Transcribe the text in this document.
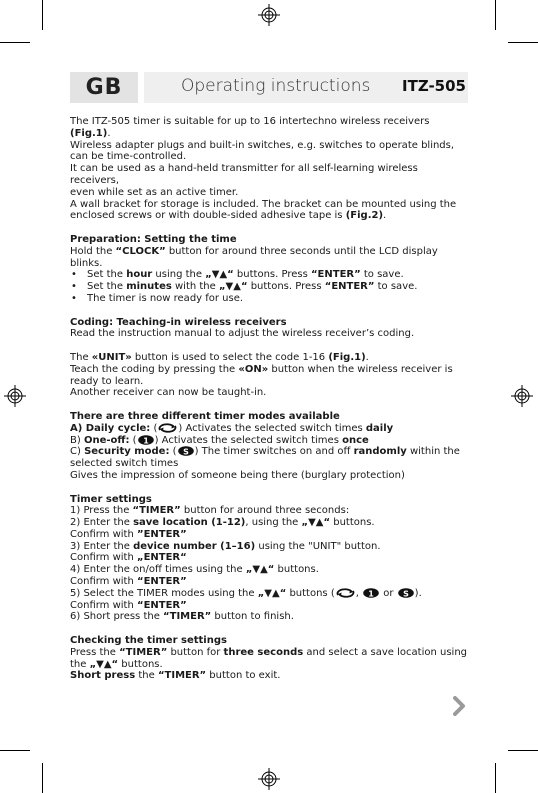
GB	Operating instructions ITZ-505

The ITZ-505 timer is suitable for up to 16 intertechno wireless receivers (Fig.1).

Wireless adapter plugs and built-in switches, e.g. switches to operate blinds,

can be time-controlled.

It can be used as a hand-held transmitter for all self-learning wireless receivers,

even while set as an active timer.

A wall bracket for storage is included. The bracket can be mounted using the

enclosed screws or with double-sided adhesive tape is (Fig.2).

Preparation: Setting the time

Hold the “CLOCK” button for around three seconds until the LCD display blinks.

• Set the hour using the „▼▲“ buttons. Press “ENTER” to save.

• Set the minutes with the „▼▲“ buttons. Press “ENTER” to save.

• The timer is now ready for use.

Coding: Teaching-in wireless receivers

Read the instruction manual to adjust the wireless receiver’s coding.

The «UNIT» button is used to select the code 1-16 (Fig.1).

Teach the coding by pressing the «ON» button when the wireless receiver is

ready to learn.

Another receiver can now be taught-in.

There are three different timer modes available

A) Daily cycle: ( ) Activates the selected switch times daily

B) One-off: ( 1 ) Activates the selected switch times once

C) Security mode: ( S ) The timer switches on and off randomly within the

selected switch times

Gives the impression of someone being there (burglary protection)

Timer settings

1) Press the “TIMER” button for around three seconds:

2) Enter the save location (1-12), using the „▼▲“ buttons.

Confirm with ”ENTER”

3) Enter the device number (1–16) using the "UNIT" button.

Confirm with „ENTER“

4) Enter the on/off times using the „▼▲“ buttons.

Confirm with “ENTER”

5) Select the TIMER modes using the „▼▲“ buttons ( , 1 or S ).

Confirm with “ENTER”

6) Short press the “TIMER” button to finish.

Checking the timer settings

Press the “TIMER” button for three seconds and select a save location using

the „▼▲“ buttons.

Short press the “TIMER” button to exit.
